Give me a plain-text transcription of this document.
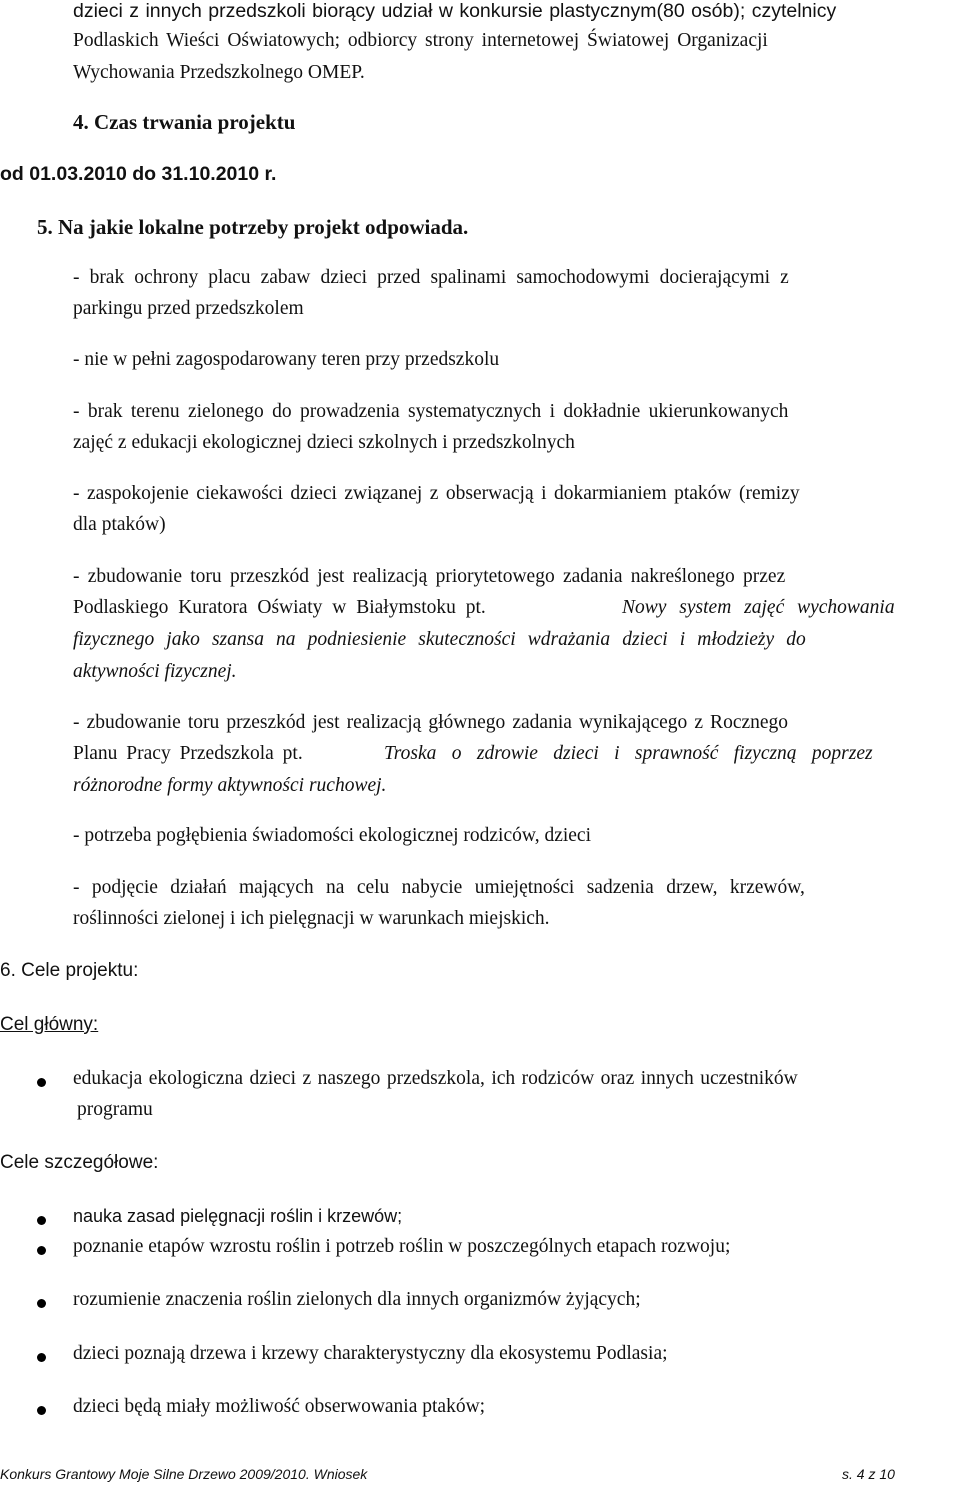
dzieci z innych przedszkoli biorący udział w konkursie plastycznym(80 osób); czytelnicy
Podlaskich Wieści Oświatowych; odbiorcy strony internetowej Światowej Organizacji
Wychowania Przedszkolnego OMEP.
4. Czas trwania projektu
od 01.03.2010 do 31.10.2010 r.
5. Na jakie lokalne potrzeby projekt odpowiada.
- brak ochrony placu zabaw dzieci przed spalinami samochodowymi docierającymi z
parkingu przed przedszkolem
- nie w pełni zagospodarowany teren przy przedszkolu
- brak terenu zielonego do prowadzenia systematycznych i dokładnie ukierunkowanych
zajęć z edukacji ekologicznej dzieci szkolnych i przedszkolnych
- zaspokojenie ciekawości dzieci związanej z obserwacją i dokarmianiem ptaków (remizy
dla ptaków)
- zbudowanie toru przeszkód jest realizacją priorytetowego zadania nakreślonego przez
Podlaskiego Kuratora Oświaty w Białymstoku pt.	Nowy system zajęć wychowania
fizycznego jako szansa na podniesienie skuteczności wdrażania dzieci i młodzieży do
aktywności fizycznej.
- zbudowanie toru przeszkód jest realizacją głównego zadania wynikającego z Rocznego
Planu Pracy Przedszkola pt.	Troska o zdrowie dzieci i sprawność fizyczną poprzez
różnorodne formy aktywności ruchowej.
- potrzeba pogłębienia świadomości ekologicznej rodziców, dzieci
- podjęcie działań mających na celu nabycie umiejętności sadzenia drzew, krzewów,
roślinności zielonej i ich pielęgnacji w warunkach miejskich.
6. Cele projektu:
Cel główny:
edukacja ekologiczna dzieci z naszego przedszkola, ich rodziców oraz innych uczestników
programu
Cele szczegółowe:
nauka zasad pielęgnacji roślin i krzewów;
poznanie etapów wzrostu roślin i potrzeb roślin w poszczególnych etapach rozwoju;
rozumienie znaczenia roślin zielonych dla innych organizmów żyjących;
dzieci poznają drzewa i krzewy charakterystyczny dla ekosystemu Podlasia;
dzieci będą miały możliwość obserwowania ptaków;
Konkurs Grantowy Moje Silne Drzewo 2009/2010. Wniosek	s. 4 z 10
